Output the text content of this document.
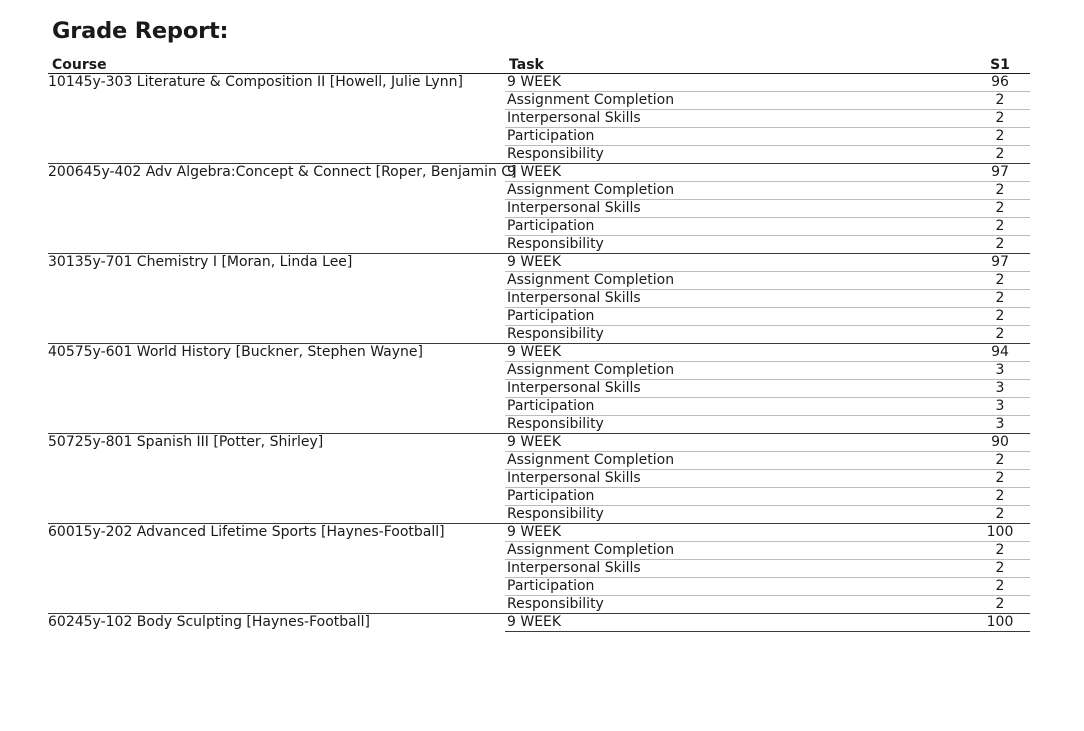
Grade Report:
Course	Task	S1
10145y-303 Literature & Composition II [Howell, Julie Lynn]	9 WEEK	96
	Assignment Completion	2
	Interpersonal Skills	2
	Participation	2
	Responsibility	2
200645y-402 Adv Algebra:Concept & Connect [Roper, Benjamin C]	9 WEEK	97
	Assignment Completion	2
	Interpersonal Skills	2
	Participation	2
	Responsibility	2
30135y-701 Chemistry I [Moran, Linda Lee]	9 WEEK	97
	Assignment Completion	2
	Interpersonal Skills	2
	Participation	2
	Responsibility	2
40575y-601 World History [Buckner, Stephen Wayne]	9 WEEK	94
	Assignment Completion	3
	Interpersonal Skills	3
	Participation	3
	Responsibility	3
50725y-801 Spanish III [Potter, Shirley]	9 WEEK	90
	Assignment Completion	2
	Interpersonal Skills	2
	Participation	2
	Responsibility	2
60015y-202 Advanced Lifetime Sports [Haynes-Football]	9 WEEK	100
	Assignment Completion	2
	Interpersonal Skills	2
	Participation	2
	Responsibility	2
60245y-102 Body Sculpting [Haynes-Football]	9 WEEK	100
